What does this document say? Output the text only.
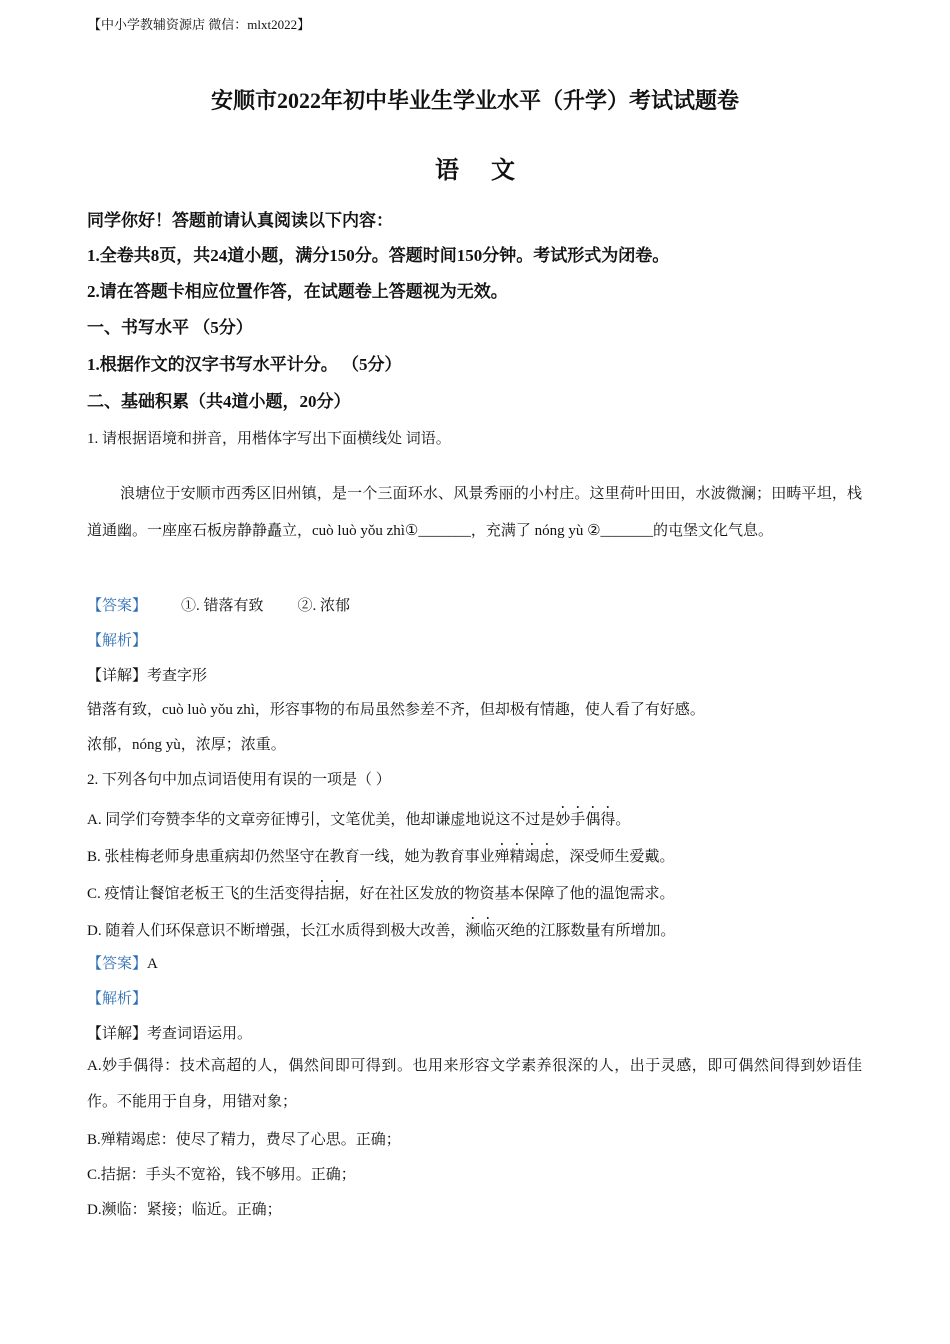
【中小学教辅资源店 微信：mlxt2022】
安顺市2022年初中毕业生学业水平（升学）考试试题卷
语文
同学你好！答题前请认真阅读以下内容：
1.全卷共8页，共24道小题，满分150分。答题时间150分钟。考试形式为闭卷。
2.请在答题卡相应位置作答，在试题卷上答题视为无效。
一、书写水平 （5分）
1.根据作文的汉字书写水平计分。 （5分）
二、基础积累（共4道小题，20分）
1. 请根据语境和拼音，用楷体字写出下面横线处 词语。
浪塘位于安顺市西秀区旧州镇，是一个三面环水、风景秀丽的小村庄。这里荷叶田田，水波微澜；田畴平坦，栈道通幽。一座座石板房静静矗立，cuò luò yǒu zhì①_______，充满了 nóng yù ②_______的屯堡文化气息。
【答案】 ①. 错落有致 ②. 浓郁
【解析】
【详解】考查字形
错落有致，cuò luò yǒu zhì，形容事物的布局虽然参差不齐，但却极有情趣，使人看了有好感。
浓郁，nóng yù，浓厚；浓重。
2. 下列各句中加点词语使用有误的一项是（ ）
A. 同学们夸赞李华的文章旁征博引，文笔优美，他却谦虚地说这不过是妙手偶得。
B. 张桂梅老师身患重病却仍然坚守在教育一线，她为教育事业殚精竭虑，深受师生爱戴。
C. 疫情让餐馆老板王飞的生活变得拮据，好在社区发放的物资基本保障了他的温饱需求。
D. 随着人们环保意识不断增强，长江水质得到极大改善，濒临灭绝的江豚数量有所增加。
【答案】A
【解析】
【详解】考查词语运用。
A.妙手偶得：技术高超的人，偶然间即可得到。也用来形容文学素养很深的人，出于灵感，即可偶然间得到妙语佳作。不能用于自身，用错对象；
B.殚精竭虑：使尽了精力，费尽了心思。正确；
C.拮据：手头不宽裕，钱不够用。正确；
D.濒临：紧接；临近。正确；
